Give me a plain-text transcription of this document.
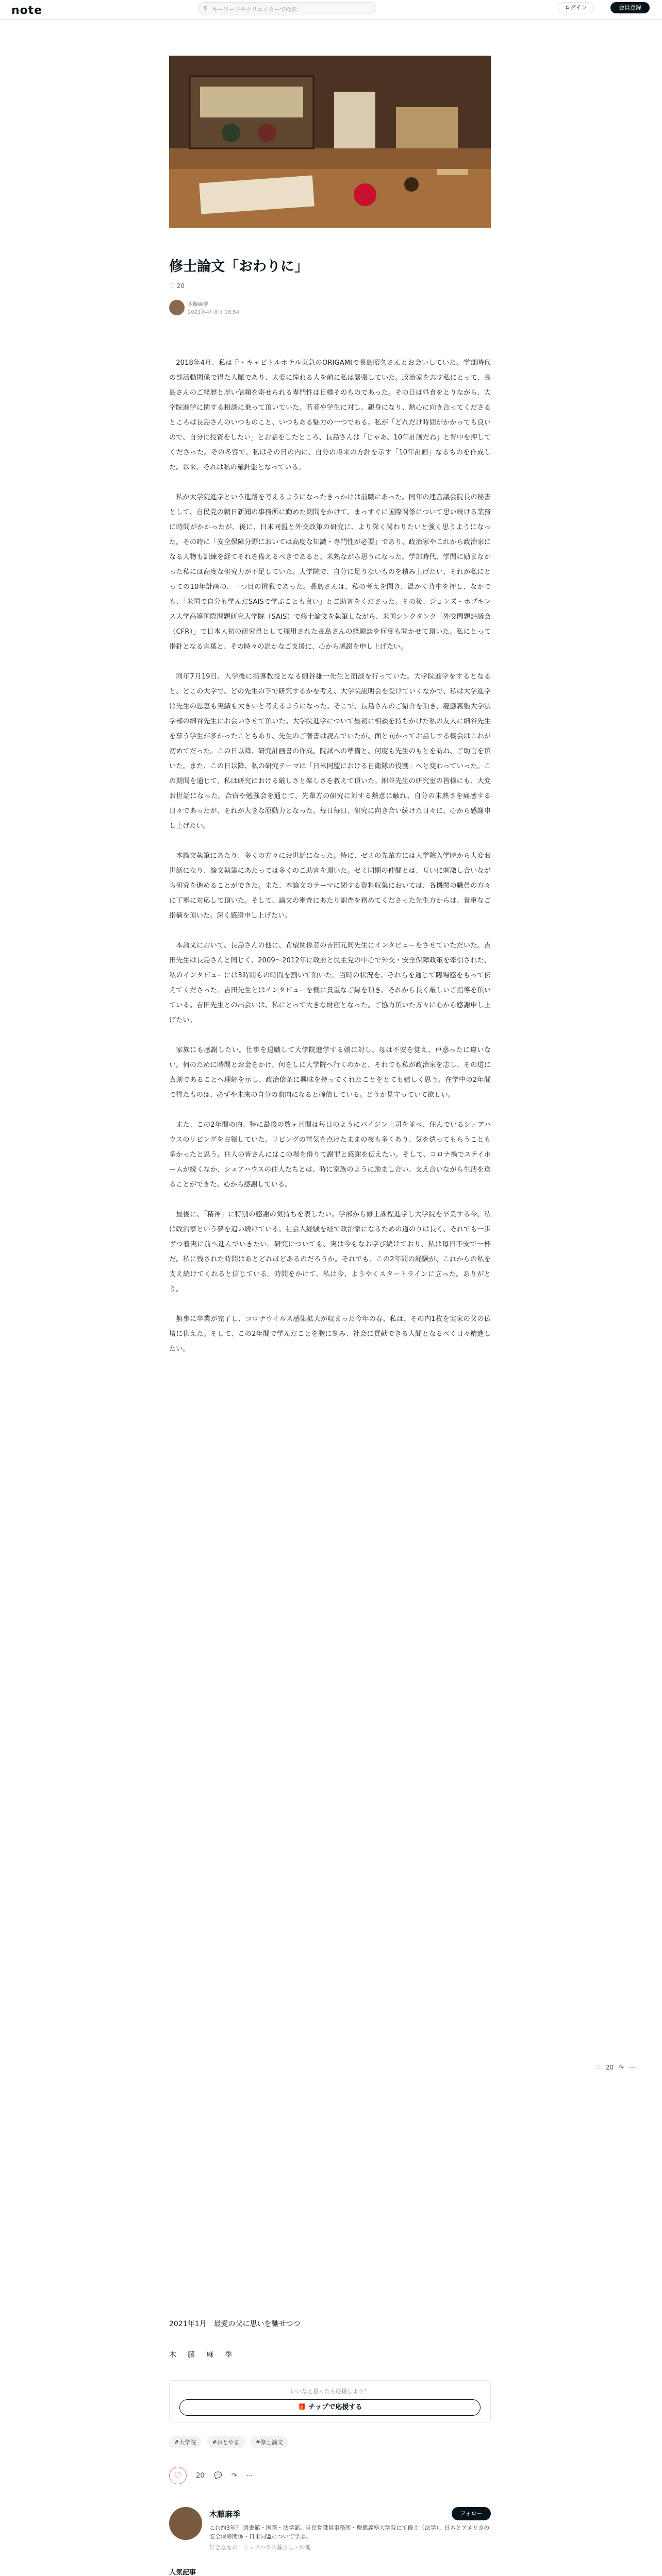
note	⚲ キーワードやクリエイターで検索	ログイン	会員登録
修士論文「おわりに」
♡ 20
木藤麻季
2021年4月6日 18:54

2018年4月、私は千・キャピトルホテル東急のORIGAMIで長島昭久さんとお会いしていた。学部時代の部活動関係で得た人脈であり、大変に憧れる人を前に私は緊張していた。政治家を志す私にとって、長島さんのご経歴と厚い信頼を寄せられる専門性は目標そのものであった。その日は昼食をとりながら、大学院進学に関する相談に乗って頂いていた。若者や学生に対し、親身になり、熱心に向き合ってくださるところは長島さんのいつものこと、いつもある魅力の一つである。私が「どれだけ時間がかかっても良いので、自分に投資をしたい」とお話をしたところ、長島さんは「じゃあ、10年計画だね」と背中を押してくださった。その冬容で、私はその日の内に、自分の将来の方針を示す「10年計画」なるものを作成した。以来、それは私の羅針盤となっている。

私が大学院進学という進路を考えるようになったきっかけは前職にあった。同年の連営議会院長の秘書として、自民党の朝日新聞の事務所に勤めた期間をかけて、まっすぐに国際関係について思い続ける業務に時間がかかったが、後に、日米同盟と外交政策の研究に、より深く関わりたいと強く思うようになった。その時に「安全保障分野においては高度な知識・専門性が必要」であり、政治家やこれから政治家になる人物も訓練を経てそれを備えるべきであると、未熟ながら思うになった。学部時代、学問に励まなかった私には高度な研究力が不足していた。大学院で、自分に足りないものを積み上げたい、それが私にとっての10年計画の、一つ目の挑戦であった。長島さんは、私の考えを聞き、温かく背中を押し、なかでも、「米国で自分も学んだSAISで学ぶことも良い」とご助言をくださった。その後、ジョンズ・ホプキンス大学高等国際問題研究大学院（SAIS）で修士論文を執筆しながら、米国シンクタンク「外交問題評議会（CFR）」で日本人初の研究員として採用された長島さんの経験談を何度も聞かせて頂いた。私にとって指針となる言葉と、その時々の温かなご支援に、心から感謝を申し上げたい。

同年7月19日、入学後に指導教授となる細谷雄一先生と面談を行っていた。大学院進学をするとなると、どこの大学で、どの先生の下で研究するかを考え、大学院説明会を受けていくなかで、私は大学進学は先生の恩恵も実績も大きいと考えるようになった。そこで、長島さんのご紹介を頂き、慶應義塾大学法学部の細谷先生にお会いさせて頂いた。大学院進学について最初に相談を持ちかけた私の友人に細谷先生を慕う学生が多かったこともあり、先生のご著書は読んでいたが、面と向かってお話しする機会はこれが初めてだった。この日以降、研究計画書の作成、院試への準備と、何度も先生のもとを訪ね、ご助言を頂いた。また、この日以降、私の研究テーマは「日米同盟における自衛隊の役割」へと変わっていった。この期間を通じて、私は研究における厳しさと楽しさを教えて頂いた。細谷先生の研究室の皆様にも、大変お世話になった。合宿や勉強会を通じて、先輩方の研究に対する熱意に触れ、自分の未熟さを痛感する日々であったが、それが大きな原動力となった。毎日毎日、研究に向き合い続けた日々に、心から感謝申し上げたい。

本論文執筆にあたり、多くの方々にお世話になった。特に、ゼミの先輩方には大学院入学時から大変お世話になり、論文執筆にあたっては多くのご助言を頂いた。ゼミ同期の仲間とは、互いに刺激し合いながら研究を進めることができた。また、本論文のテーマに関する資料収集においては、各機関の職員の方々に丁寧に対応して頂いた。そして、論文の審査にあたり副査を務めてくださった先生方からは、貴重なご指摘を頂いた。深く感謝申し上げたい。

本論文において、長島さんの他に、希望関係者の吉田元同先生にインタビューをさせていただいた。吉田先生は長島さんと同じく、2009～2012年に政府と民主党の中心で外交・安全保障政策を牽引された、私のインタビューには3時間もの時間を割いて頂いた。当時の状況を、それらを通じて臨場感をもって伝えてくださった。吉田先生とはインタビューを機に貴重なご縁を頂き、それから長く厳しいご指導を頂いている。吉田先生との出会いは、私にとって大きな財産となった。ご協力頂いた方々に心から感謝申し上げたい。

家族にも感謝したい。仕事を退職して大学院進学する娘に対し、母は不安を覚え、戸惑ったに違いない。何のために時間とお金をかけ、何をしに大学院へ行くのかと、それでも私が政治家を志し、その道に真剣であることへ理解を示し、政治信条に興味を持ってくれたことをとても嬉しく思う。在学中の2年間で得たものは、必ずや未来の自分の血肉になると確信している。どうか見守っていて欲しい。

また、この2年間の内、特に最後の数ヶ月間は毎日のようにバイジン上司を並べ、住んでいるシェアハウスのリビングを占領していた。リビングの電気を点けたままの夜も多くあり、気を遣ってもらうことも多かったと思う。住人の皆さんにはこの場を借りて謝罪と感謝を伝えたい。そして、コロナ禍でステイホームが続くなか、シェアハウスの住人たちとは、時に家族のように励まし合い、支え合いながら生活を送ることができた。心から感謝している。

最後に、「精神」に特別の感謝の気持ちを表したい。学部から修士課程進学し大学院を卒業する今、私は政治家という夢を追い続けている。社会人経験を経て政治家になるための道のりは長く、それでも一歩ずつ着実に前へ進んでいきたい。研究についても、実は今もなお学び続けており、私は毎日不安で一杯だ。私に残された時間はあとどれほどあるのだろうか。それでも、この2年間の経験が、これからの私を支え続けてくれると信じている。時間をかけて、私は今、ようやくスタートラインに立った。ありがとう。

無事に卒業が完了し、コロナウイルス感染拡大が収まった今年の春、私は、その内1枚を実家の父の仏壇に供えた。そして、この2年間で学んだことを胸に刻み、社会に貢献できる人間となるべく日々精進したい。

♡ 20 ↷ ⋯
2021年1月　最愛の父に思いを馳せつつ
木　藤　麻　季
いいなと思ったら応援しよう！
🎁 チップで応援する
#大学院	#おとやま	#修士論文
♡	20 💬 ↷ ⋯
木藤麻季	フォロー
これ約3年？ 図書館・国際・法学部。自民党職員事務所・慶應義塾大学院にて修士（法学）。日本とアメリカの安全保障関係・日米同盟について学ぶ。
好きなもの：シェアハウス暮らし・料理
人気記事
